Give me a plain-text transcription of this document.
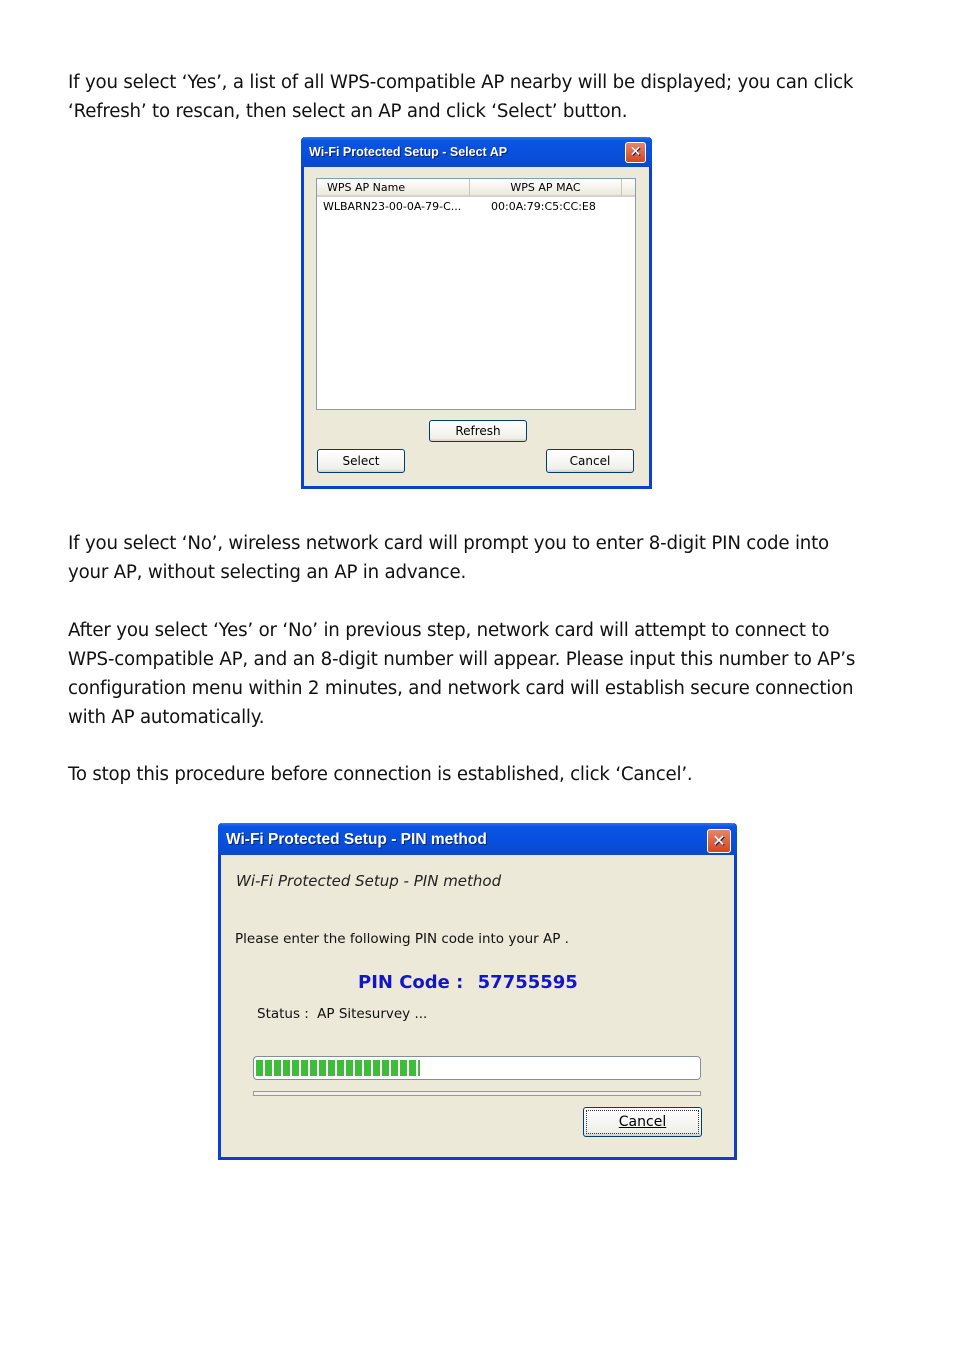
If you select ‘Yes’, a list of all WPS-compatible AP nearby will be displayed; you can click
‘Refresh’ to rescan, then select an AP and click ‘Select’ button.

Wi-Fi Protected Setup - Select AP	✕
WPS AP Name	WPS AP MAC
WLBARN23-00-0A-79-C...	00:0A:79:C5:CC:E8
Refresh
Select	Cancel

If you select ‘No’, wireless network card will prompt you to enter 8-digit PIN code into
your AP, without selecting an AP in advance.

After you select ‘Yes’ or ‘No’ in previous step, network card will attempt to connect to
WPS-compatible AP, and an 8-digit number will appear. Please input this number to AP’s
configuration menu within 2 minutes, and network card will establish secure connection
with AP automatically.

To stop this procedure before connection is established, click ‘Cancel’.

Wi-Fi Protected Setup - PIN method	✕
Wi-Fi Protected Setup - PIN method
Please enter the following PIN code into your AP .
PIN Code : 57755595
Status : AP Sitesurvey ...
Cancel
